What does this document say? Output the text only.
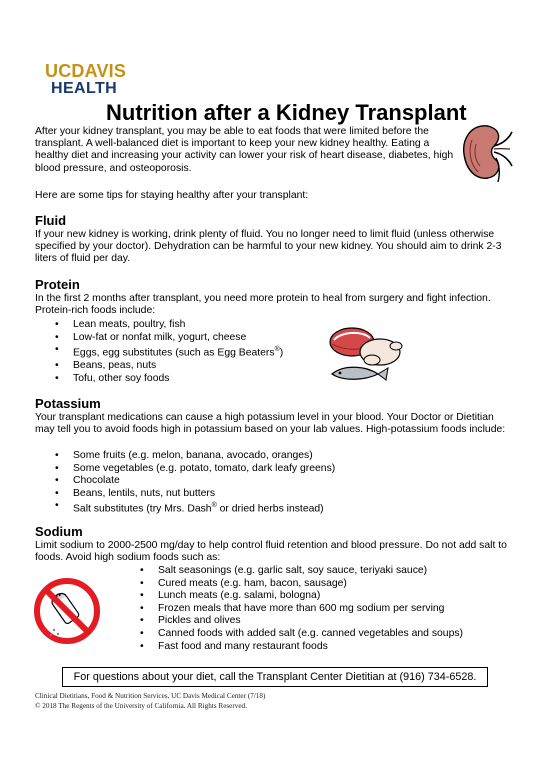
UCDAVIS
HEALTH
Nutrition after a Kidney Transplant
After your kidney transplant, you may be able to eat foods that were limited before the transplant. A well-balanced diet is important to keep your new kidney healthy. Eating a healthy diet and increasing your activity can lower your risk of heart disease, diabetes, high blood pressure, and osteoporosis.
Here are some tips for staying healthy after your transplant:
Fluid
If your new kidney is working, drink plenty of fluid. You no longer need to limit fluid (unless otherwise specified by your doctor). Dehydration can be harmful to your new kidney. You should aim to drink 2-3 liters of fluid per day.
Protein
In the first 2 months after transplant, you need more protein to heal from surgery and fight infection. Protein-rich foods include:
• Lean meats, poultry, fish
• Low-fat or nonfat milk, yogurt, cheese
• Eggs, egg substitutes (such as Egg Beaters®)
• Beans, peas, nuts
• Tofu, other soy foods
Potassium
Your transplant medications can cause a high potassium level in your blood. Your Doctor or Dietitian may tell you to avoid foods high in potassium based on your lab values. High-potassium foods include:
• Some fruits (e.g. melon, banana, avocado, oranges)
• Some vegetables (e.g. potato, tomato, dark leafy greens)
• Chocolate
• Beans, lentils, nuts, nut butters
• Salt substitutes (try Mrs. Dash® or dried herbs instead)
Sodium
Limit sodium to 2000-2500 mg/day to help control fluid retention and blood pressure. Do not add salt to foods. Avoid high sodium foods such as:
• Salt seasonings (e.g. garlic salt, soy sauce, teriyaki sauce)
• Cured meats (e.g. ham, bacon, sausage)
• Lunch meats (e.g. salami, bologna)
• Frozen meals that have more than 600 mg sodium per serving
• Pickles and olives
• Canned foods with added salt (e.g. canned vegetables and soups)
• Fast food and many restaurant foods
For questions about your diet, call the Transplant Center Dietitian at (916) 734-6528.
Clinical Dietitians, Food & Nutrition Services, UC Davis Medical Center (7/18)
© 2018 The Regents of the University of California. All Rights Reserved.
